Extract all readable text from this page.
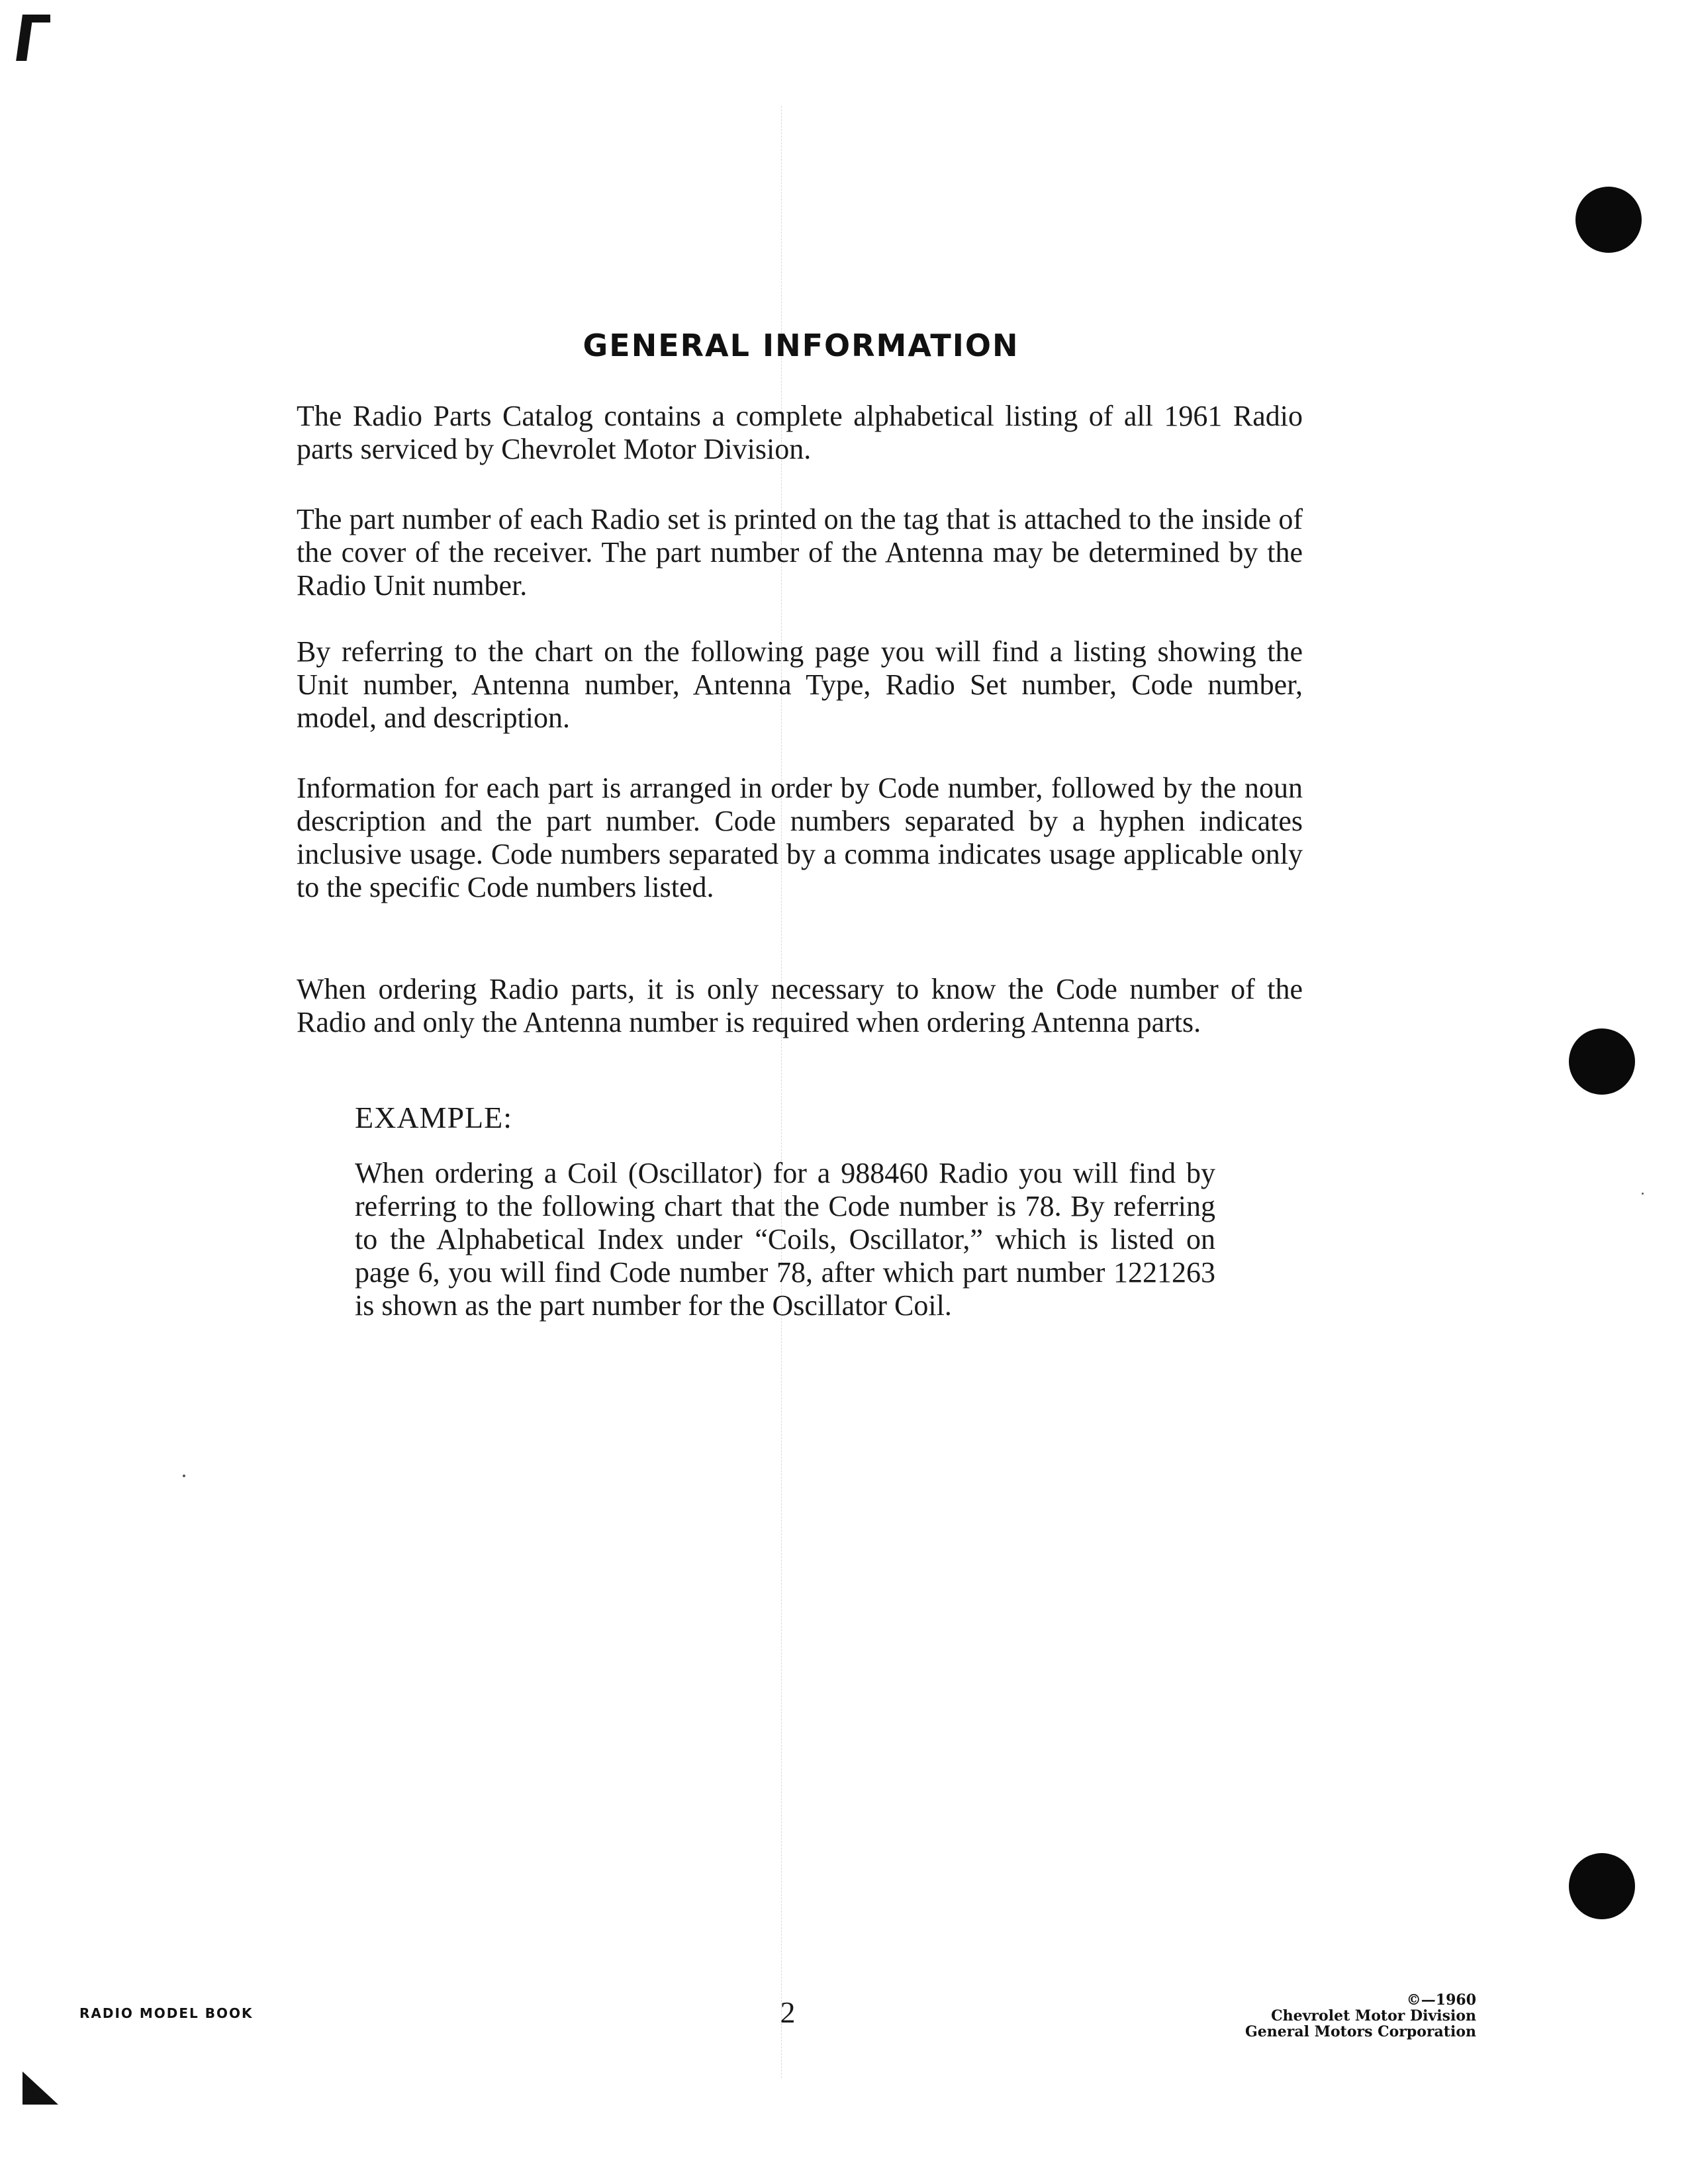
GENERAL INFORMATION

The Radio Parts Catalog contains a complete alphabetical listing of all 1961 Radio parts serviced by Chevrolet Motor Division.

The part number of each Radio set is printed on the tag that is attached to the inside of the cover of the receiver. The part number of the Antenna may be determined by the Radio Unit number.

By referring to the chart on the following page you will find a listing showing the Unit number, Antenna number, Antenna Type, Radio Set number, Code number, model, and description.

Information for each part is arranged in order by Code number, followed by the noun description and the part number. Code numbers separated by a hyphen indicates inclusive usage. Code numbers separated by a comma indicates usage applicable only to the specific Code numbers listed.

When ordering Radio parts, it is only necessary to know the Code number of the Radio and only the Antenna number is required when ordering Antenna parts.

EXAMPLE:

When ordering a Coil (Oscillator) for a 988460 Radio you will find by referring to the following chart that the Code number is 78. By referring to the Alphabetical Index under “Coils, Oscillator,” which is listed on page 6, you will find Code number 78, after which part number 1221263 is shown as the part number for the Oscillator Coil.

RADIO MODEL BOOK	2	©—1960
Chevrolet Motor Division
General Motors Corporation
